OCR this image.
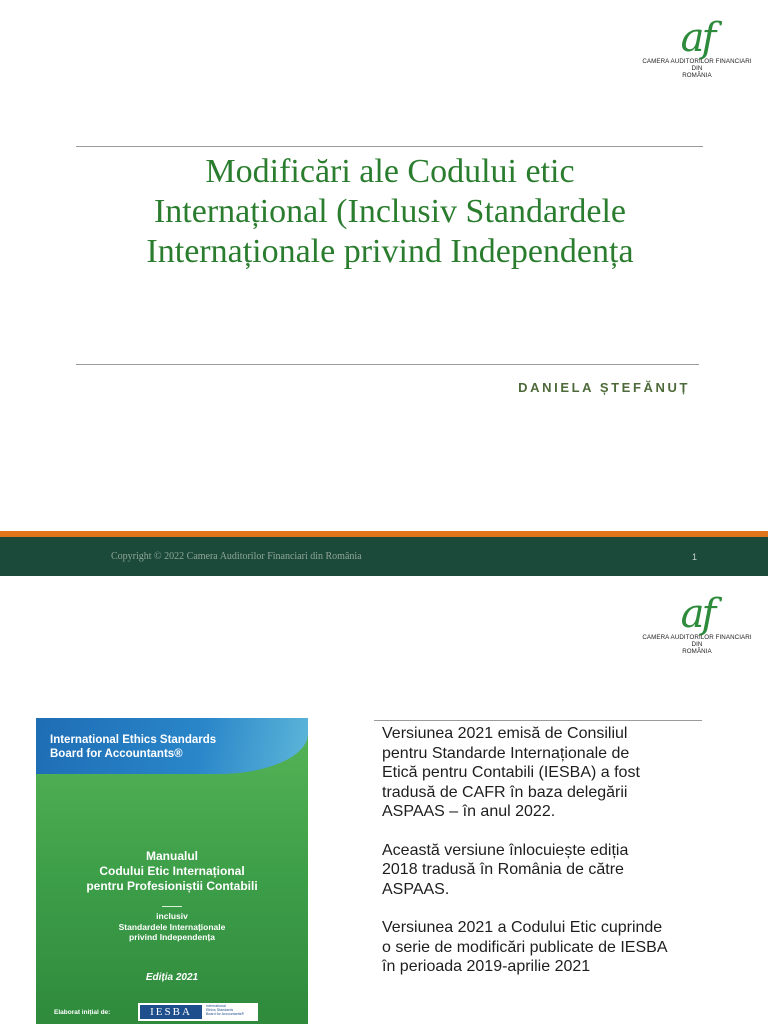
af
CAMERA AUDITORILOR FINANCIARI
DIN
ROMÂNIA
Modificări ale Codului etic
Internațional (Inclusiv Standardele
Internaționale privind Independența
DANIELA ȘTEFĂNUȚ
Copyright © 2022 Camera Auditorilor Financiari din România	1
af
CAMERA AUDITORILOR FINANCIARI
DIN
ROMÂNIA
International Ethics Standards
Board for Accountants®
Manualul
Codului Etic Internațional
pentru Profesioniștii Contabili
inclusiv
Standardele Internaționale
privind Independența
Ediția 2021
Elaborat inițial de:	IESBA	International
Ethics Standards
Board for Accountants®

Versiunea 2021 emisă de Consiliul
pentru Standarde Internaționale de
Etică pentru Contabili (IESBA) a fost
tradusă de CAFR în baza delegării
ASPAAS – în anul 2022.

Această versiune înlocuiește ediția
2018 tradusă în România de către
ASPAAS.

Versiunea 2021 a Codului Etic cuprinde
o serie de modificări publicate de IESBA
în perioada 2019-aprilie 2021
